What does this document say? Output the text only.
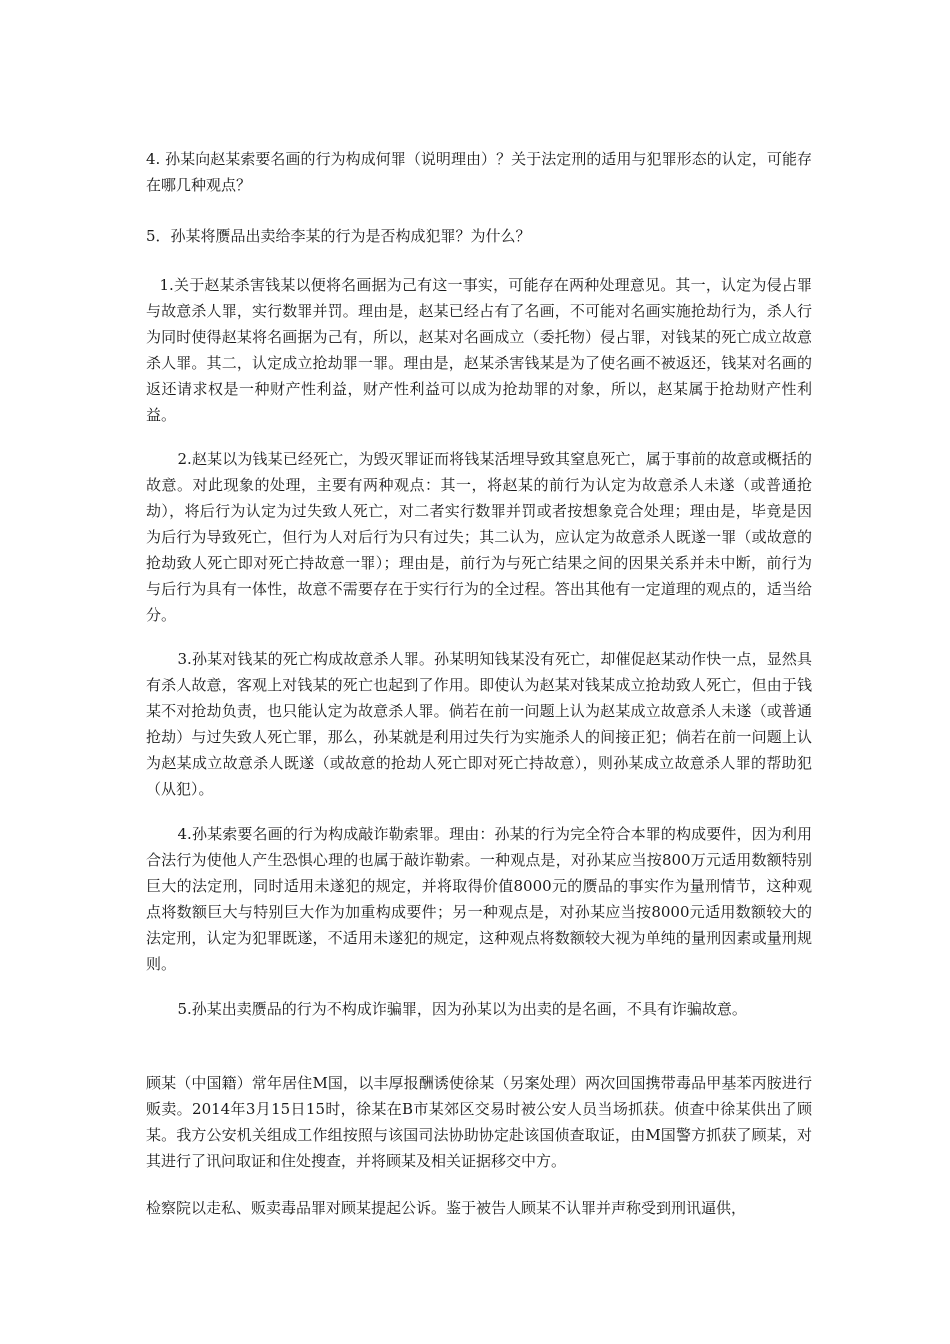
4. 孙某向赵某索要名画的行为构成何罪（说明理由）？关于法定刑的适用与犯罪形态的认定，可能存在哪几种观点？

5．孙某将赝品出卖给李某的行为是否构成犯罪？为什么？

1.关于赵某杀害钱某以便将名画据为己有这一事实，可能存在两种处理意见。其一，认定为侵占罪与故意杀人罪，实行数罪并罚。理由是，赵某已经占有了名画，不可能对名画实施抢劫行为，杀人行为同时使得赵某将名画据为己有，所以，赵某对名画成立（委托物）侵占罪，对钱某的死亡成立故意杀人罪。其二，认定成立抢劫罪一罪。理由是，赵某杀害钱某是为了使名画不被返还，钱某对名画的返还请求权是一种财产性利益，财产性利益可以成为抢劫罪的对象，所以，赵某属于抢劫财产性利益。

2.赵某以为钱某已经死亡，为毁灭罪证而将钱某活埋导致其窒息死亡，属于事前的故意或概括的故意。对此现象的处理，主要有两种观点：其一，将赵某的前行为认定为故意杀人未遂（或普通抢劫），将后行为认定为过失致人死亡，对二者实行数罪并罚或者按想象竞合处理；理由是，毕竟是因为后行为导致死亡，但行为人对后行为只有过失；其二认为，应认定为故意杀人既遂一罪（或故意的抢劫致人死亡即对死亡持故意一罪）；理由是，前行为与死亡结果之间的因果关系并未中断，前行为与后行为具有一体性，故意不需要存在于实行行为的全过程。答出其他有一定道理的观点的，适当给分。

3.孙某对钱某的死亡构成故意杀人罪。孙某明知钱某没有死亡，却催促赵某动作快一点，显然具有杀人故意，客观上对钱某的死亡也起到了作用。即使认为赵某对钱某成立抢劫致人死亡，但由于钱某不对抢劫负责，也只能认定为故意杀人罪。倘若在前一问题上认为赵某成立故意杀人未遂（或普通抢劫）与过失致人死亡罪，那么，孙某就是利用过失行为实施杀人的间接正犯；倘若在前一问题上认为赵某成立故意杀人既遂（或故意的抢劫人死亡即对死亡持故意），则孙某成立故意杀人罪的帮助犯（从犯）。

4.孙某索要名画的行为构成敲诈勒索罪。理由：孙某的行为完全符合本罪的构成要件，因为利用合法行为使他人产生恐惧心理的也属于敲诈勒索。一种观点是，对孙某应当按800万元适用数额特别巨大的法定刑，同时适用未遂犯的规定，并将取得价值8000元的赝品的事实作为量刑情节，这种观点将数额巨大与特别巨大作为加重构成要件；另一种观点是，对孙某应当按8000元适用数额较大的法定刑，认定为犯罪既遂，不适用未遂犯的规定，这种观点将数额较大视为单纯的量刑因素或量刑规则。

5.孙某出卖赝品的行为不构成诈骗罪，因为孙某以为出卖的是名画，不具有诈骗故意。

顾某（中国籍）常年居住M国，以丰厚报酬诱使徐某（另案处理）两次回国携带毒品甲基苯丙胺进行贩卖。2014年3月15日15时，徐某在B市某郊区交易时被公安人员当场抓获。侦查中徐某供出了顾某。我方公安机关组成工作组按照与该国司法协助协定赴该国侦查取证，由M国警方抓获了顾某，对其进行了讯问取证和住处搜查，并将顾某及相关证据移交中方。

检察院以走私、贩卖毒品罪对顾某提起公诉。鉴于被告人顾某不认罪并声称受到刑讯逼供，
